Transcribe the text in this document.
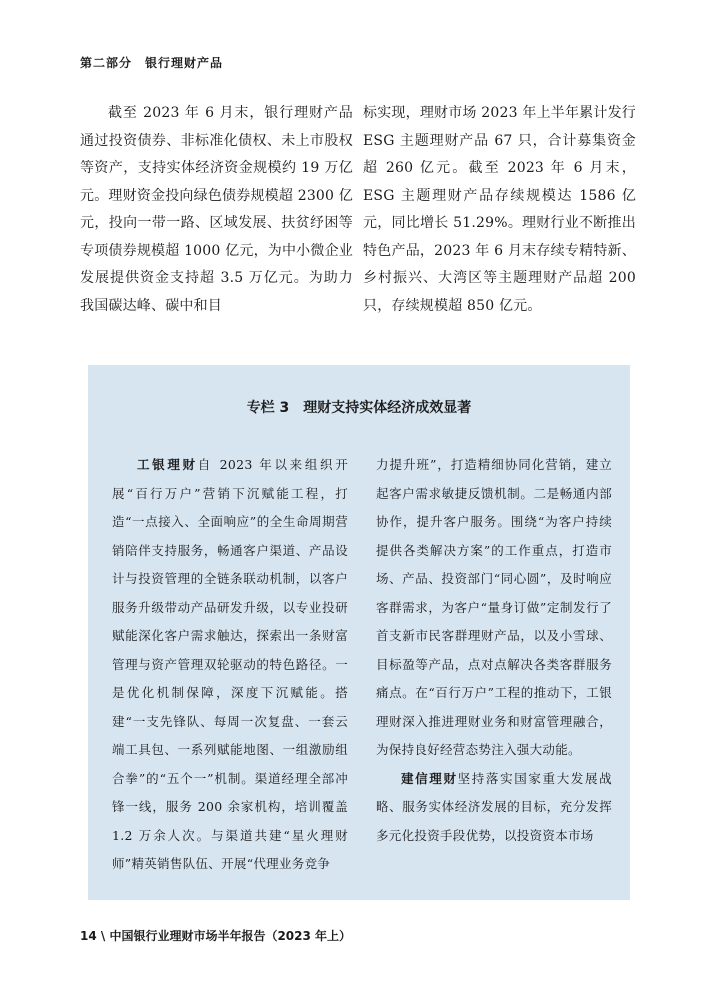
第二部分　银行理财产品

截至 2023 年 6 月末，银行理财产品通过投资债券、非标准化债权、未上市股权等资产，支持实体经济资金规模约 19 万亿元。理财资金投向绿色债券规模超 2300 亿元，投向一带一路、区域发展、扶贫纾困等专项债券规模超 1000 亿元，为中小微企业发展提供资金支持超 3.5 万亿元。为助力我国碳达峰、碳中和目

标实现，理财市场 2023 年上半年累计发行 ESG 主题理财产品 67 只，合计募集资金超 260 亿元。截至 2023 年 6 月末，ESG 主题理财产品存续规模达 1586 亿元，同比增长 51.29%。理财行业不断推出特色产品，2023 年 6 月末存续专精特新、乡村振兴、大湾区等主题理财产品超 200 只，存续规模超 850 亿元。

专栏 3　理财支持实体经济成效显著

工银理财自 2023 年以来组织开展“百行万户”营销下沉赋能工程，打造“一点接入、全面响应”的全生命周期营销陪伴支持服务，畅通客户渠道、产品设计与投资管理的全链条联动机制，以客户服务升级带动产品研发升级，以专业投研赋能深化客户需求触达，探索出一条财富管理与资产管理双轮驱动的特色路径。一是优化机制保障，深度下沉赋能。搭建“一支先锋队、每周一次复盘、一套云端工具包、一系列赋能地图、一组激励组合拳”的“五个一”机制。渠道经理全部冲锋一线，服务 200 余家机构，培训覆盖 1.2 万余人次。与渠道共建“星火理财师”精英销售队伍、开展“代理业务竞争

力提升班”，打造精细协同化营销，建立起客户需求敏捷反馈机制。二是畅通内部协作，提升客户服务。围绕“为客户持续提供各类解决方案”的工作重点，打造市场、产品、投资部门“同心圆”，及时响应客群需求，为客户“量身订做”定制发行了首支新市民客群理财产品，以及小雪球、目标盈等产品，点对点解决各类客群服务痛点。在“百行万户”工程的推动下，工银理财深入推进理财业务和财富管理融合，为保持良好经营态势注入强大动能。

建信理财坚持落实国家重大发展战略、服务实体经济发展的目标，充分发挥多元化投资手段优势，以投资资本市场

14 \ 中国银行业理财市场半年报告（2023 年上）
